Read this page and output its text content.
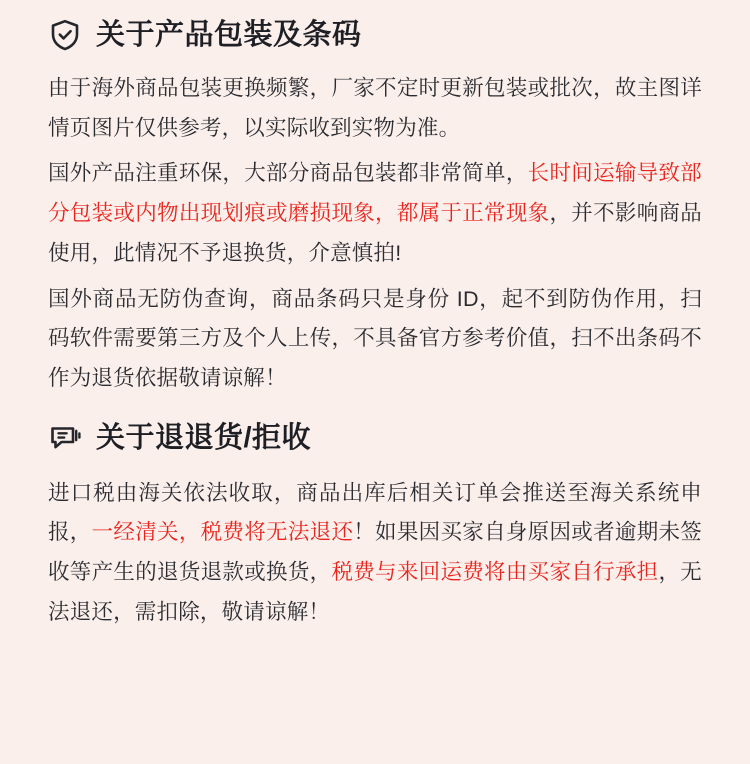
关于产品包装及条码

由于海外商品包装更换频繁，厂家不定时更新包装或批次，故主图详情页图片仅供参考，以实际收到实物为准。

国外产品注重环保，大部分商品包装都非常简单，长时间运输导致部分包装或内物出现划痕或磨损现象，都属于正常现象，并不影响商品使用，此情况不予退换货，介意慎拍!

国外商品无防伪查询，商品条码只是身份 ID，起不到防伪作用，扫码软件需要第三方及个人上传，不具备官方参考价值，扫不出条码不作为退货依据敬请谅解！

关于退退货/拒收

进口税由海关依法收取，商品出库后相关订单会推送至海关系统申报，一经清关，税费将无法退还！如果因买家自身原因或者逾期未签收等产生的退货退款或换货，税费与来回运费将由买家自行承担，无法退还，需扣除，敬请谅解！
